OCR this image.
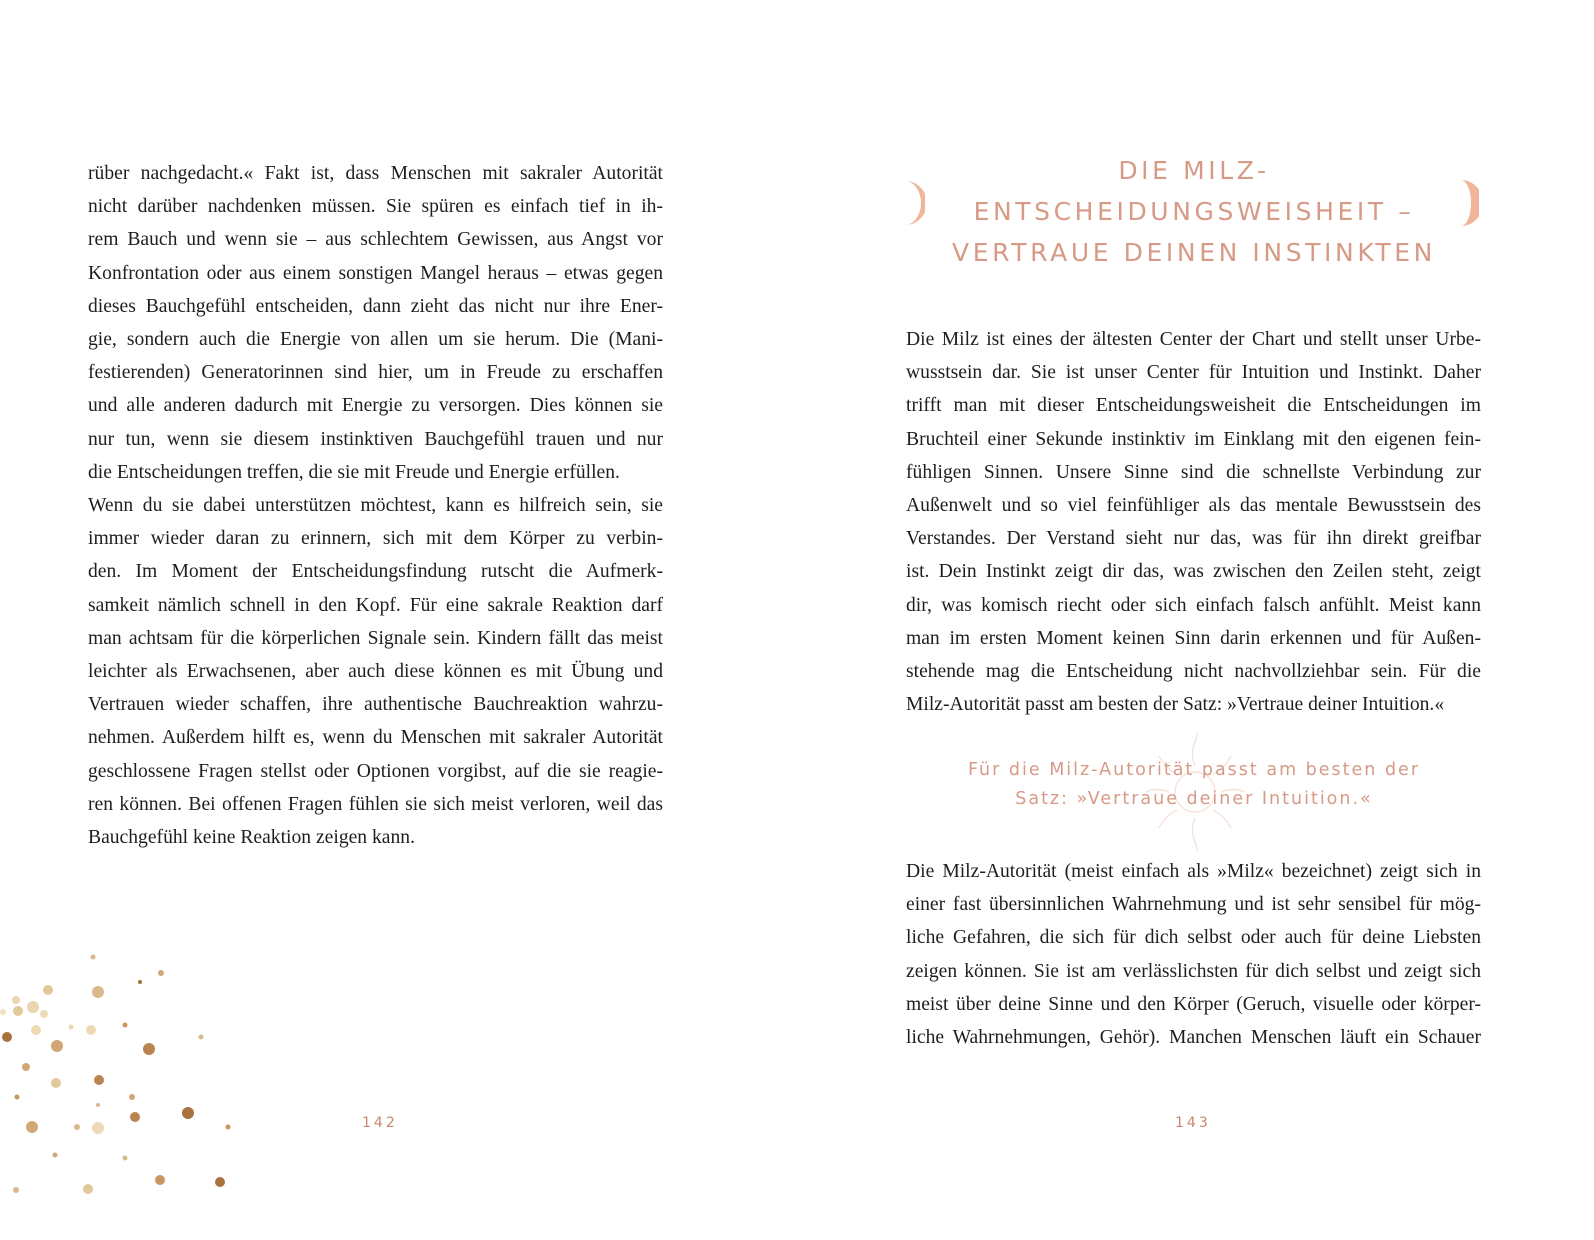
rüber nachgedacht.« Fakt ist, dass Menschen mit sakraler Autorität
nicht darüber nachdenken müssen. Sie spüren es einfach tief in ih-
rem Bauch und wenn sie – aus schlechtem Gewissen, aus Angst vor
Konfrontation oder aus einem sonstigen Mangel heraus – etwas gegen
dieses Bauchgefühl entscheiden, dann zieht das nicht nur ihre Ener-
gie, sondern auch die Energie von allen um sie herum. Die (Mani-
festierenden) Generatorinnen sind hier, um in Freude zu erschaffen
und alle anderen dadurch mit Energie zu versorgen. Dies können sie
nur tun, wenn sie diesem instinktiven Bauchgefühl trauen und nur
die Entscheidungen treffen, die sie mit Freude und Energie erfüllen.
Wenn du sie dabei unterstützen möchtest, kann es hilfreich sein, sie
immer wieder daran zu erinnern, sich mit dem Körper zu verbin-
den. Im Moment der Entscheidungsfindung rutscht die Aufmerk-
samkeit nämlich schnell in den Kopf. Für eine sakrale Reaktion darf
man achtsam für die körperlichen Signale sein. Kindern fällt das meist
leichter als Erwachsenen, aber auch diese können es mit Übung und
Vertrauen wieder schaffen, ihre authentische Bauchreaktion wahrzu-
nehmen. Außerdem hilft es, wenn du Menschen mit sakraler Autorität
geschlossene Fragen stellst oder Optionen vorgibst, auf die sie reagie-
ren können. Bei offenen Fragen fühlen sie sich meist verloren, weil das
Bauchgefühl keine Reaktion zeigen kann.

142
DIE MILZ-
ENTSCHEIDUNGSWEISHEIT –
VERTRAUE DEINEN INSTINKTEN

Die Milz ist eines der ältesten Center der Chart und stellt unser Urbe-
wusstsein dar. Sie ist unser Center für Intuition und Instinkt. Daher
trifft man mit dieser Entscheidungsweisheit die Entscheidungen im
Bruchteil einer Sekunde instinktiv im Einklang mit den eigenen fein-
fühligen Sinnen. Unsere Sinne sind die schnellste Verbindung zur
Außenwelt und so viel feinfühliger als das mentale Bewusstsein des
Verstandes. Der Verstand sieht nur das, was für ihn direkt greifbar
ist. Dein Instinkt zeigt dir das, was zwischen den Zeilen steht, zeigt
dir, was komisch riecht oder sich einfach falsch anfühlt. Meist kann
man im ersten Moment keinen Sinn darin erkennen und für Außen-
stehende mag die Entscheidung nicht nachvollziehbar sein. Für die
Milz-Autorität passt am besten der Satz: »Vertraue deiner Intuition.«

Für die Milz-Autorität passt am besten der
Satz: »Vertraue deiner Intuition.«

Die Milz-Autorität (meist einfach als »Milz« bezeichnet) zeigt sich in
einer fast übersinnlichen Wahrnehmung und ist sehr sensibel für mög-
liche Gefahren, die sich für dich selbst oder auch für deine Liebsten
zeigen können. Sie ist am verlässlichsten für dich selbst und zeigt sich
meist über deine Sinne und den Körper (Geruch, visuelle oder körper-
liche Wahrnehmungen, Gehör). Manchen Menschen läuft ein Schauer

143
